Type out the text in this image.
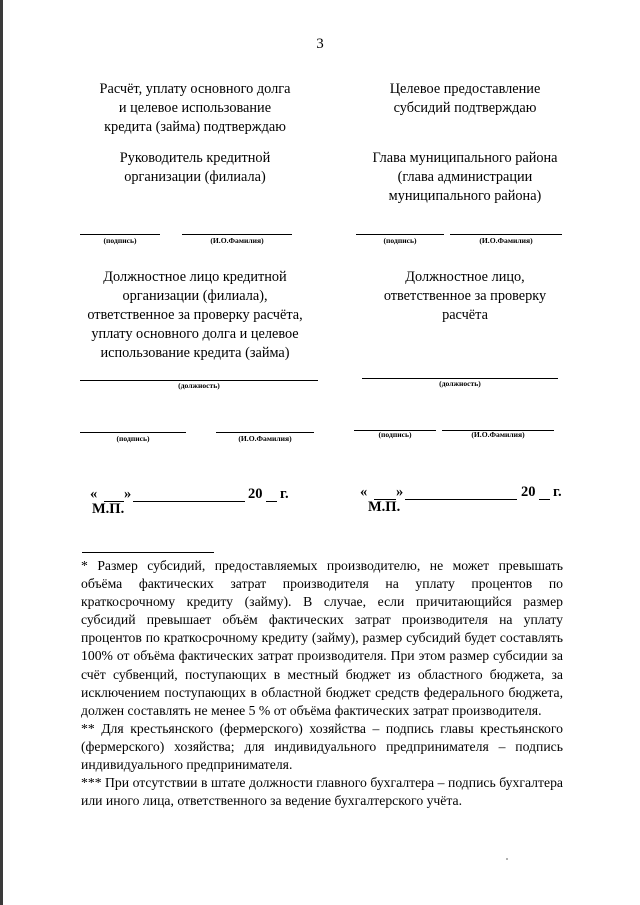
3
Расчёт, уплату основного долга
и целевое использование
кредита (займа) подтверждаю
Целевое предоставление
субсидий подтверждаю
Руководитель кредитной
организации (филиала)
Глава муниципального района
(глава администрации
муниципального района)
(подпись)	(И.О.Фамилия)	(подпись)	(И.О.Фамилия)
Должностное лицо кредитной
организации (филиала),
ответственное за проверку расчёта,
уплату основного долга и целевое
использование кредита (займа)
Должностное лицо,
ответственное за проверку
расчёта
(должность)	(должность)
(подпись)	(И.О.Фамилия)	(подпись)	(И.О.Фамилия)
« »	20 г.	« »	20 г.
М.П.	М.П.

* Размер субсидий, предоставляемых производителю, не может превышать объёма фактических затрат производителя на уплату процентов по краткосрочному кредиту (займу). В случае, если причитающийся размер субсидий превышает объём фактических затрат производителя на уплату процентов по краткосрочному кредиту (займу), размер субсидий будет составлять 100% от объёма фактических затрат производителя. При этом размер субсидии за счёт субвенций, поступающих в местный бюджет из областного бюджета, за исключением поступающих в областной бюджет средств федерального бюджета, должен составлять не менее 5 % от объёма фактических затрат производителя.

** Для крестьянского (фермерского) хозяйства – подпись главы крестьянского (фермерского) хозяйства; для индивидуального предпринимателя – подпись индивидуального предпринимателя.

*** При отсутствии в штате должности главного бухгалтера – подпись бухгалтера или иного лица, ответственного за ведение бухгалтерского учёта.
